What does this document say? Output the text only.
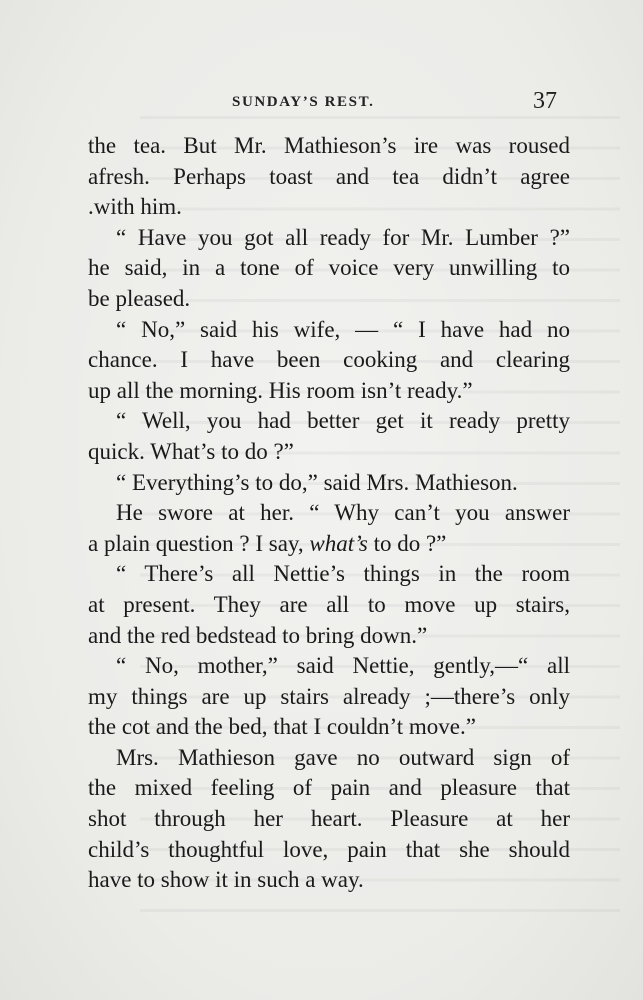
SUNDAY’S REST.	37
the tea. But Mr. Mathieson’s ire was roused
afresh. Perhaps toast and tea didn’t agree
.with him.
“ Have you got all ready for Mr. Lumber ?”
he said, in a tone of voice very unwilling to
be pleased.
“ No,” said his wife, — “ I have had no
chance. I have been cooking and clearing
up all the morning. His room isn’t ready.”
“ Well, you had better get it ready pretty
quick. What’s to do ?”
“ Everything’s to do,” said Mrs. Mathieson.
He swore at her. “ Why can’t you answer
a plain question ? I say, what’s to do ?”
“ There’s all Nettie’s things in the room
at present. They are all to move up stairs,
and the red bedstead to bring down.”
“ No, mother,” said Nettie, gently,—“ all
my things are up stairs already ;—there’s only
the cot and the bed, that I couldn’t move.”
Mrs. Mathieson gave no outward sign of
the mixed feeling of pain and pleasure that
shot through her heart. Pleasure at her
child’s thoughtful love, pain that she should
have to show it in such a way.
